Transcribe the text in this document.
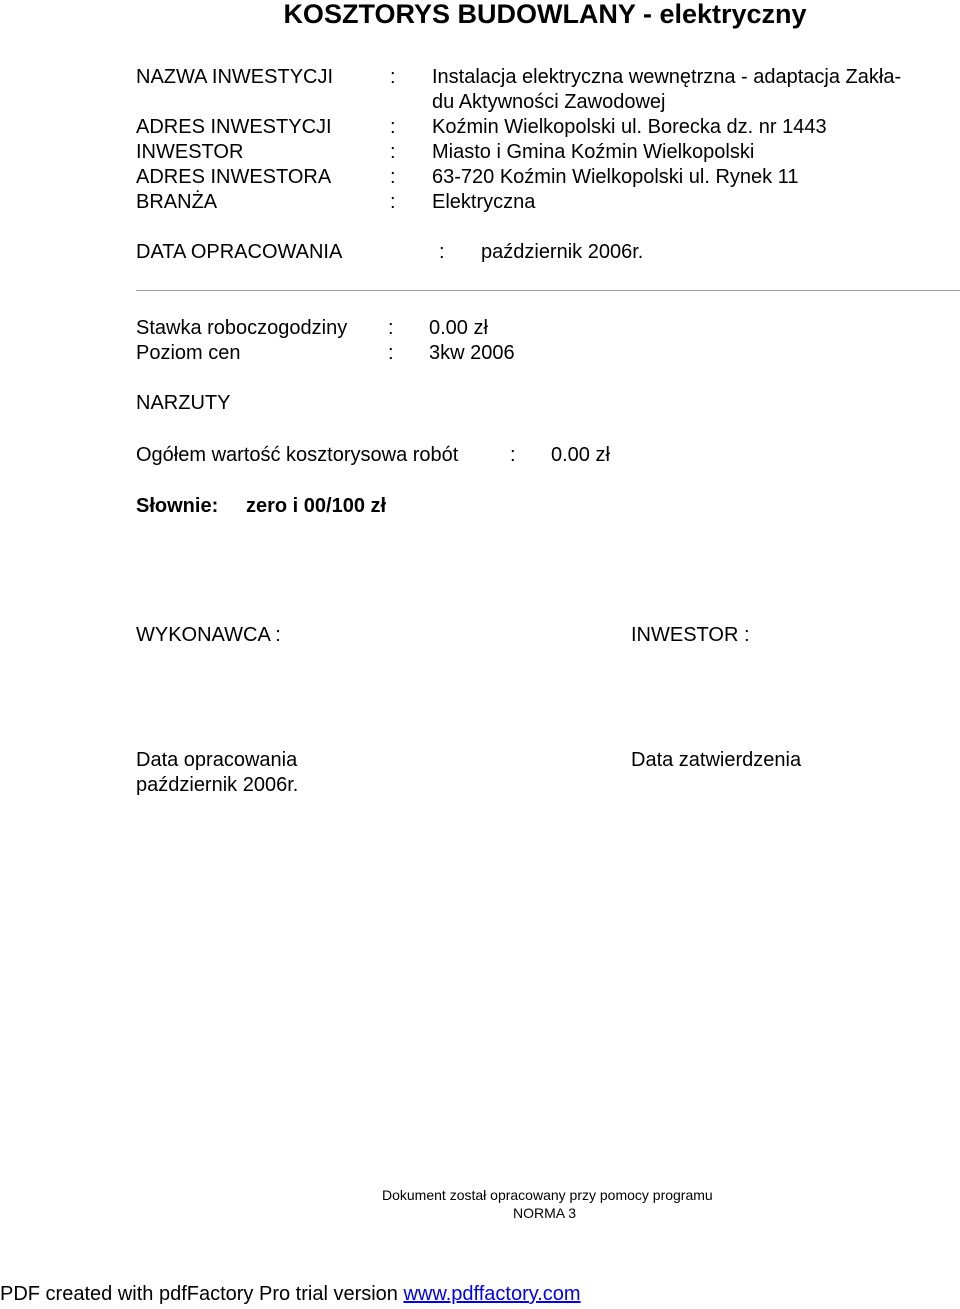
KOSZTORYS BUDOWLANY - elektryczny
NAZWA INWESTYCJI	: Instalacja elektryczna wewnętrzna - adaptacja Zakła-
du Aktywności Zawodowej
ADRES INWESTYCJI	: Koźmin Wielkopolski ul. Borecka dz. nr 1443
INWESTOR	: Miasto i Gmina Koźmin Wielkopolski
ADRES INWESTORA	: 63-720 Koźmin Wielkopolski ul. Rynek 11
BRANŻA	: Elektryczna
DATA OPRACOWANIA	: październik 2006r.
Stawka roboczogodziny : 0.00 zł
Poziom cen	: 3kw 2006
NARZUTY
Ogółem wartość kosztorysowa robót	: 0.00 zł
Słownie: zero i 00/100 zł
WYKONAWCA :	INWESTOR :
Data opracowania
październik 2006r.
Data zatwierdzenia
Dokument został opracowany przy pomocy programu
NORMA 3
PDF created with pdfFactory Pro trial version www.pdffactory.com
